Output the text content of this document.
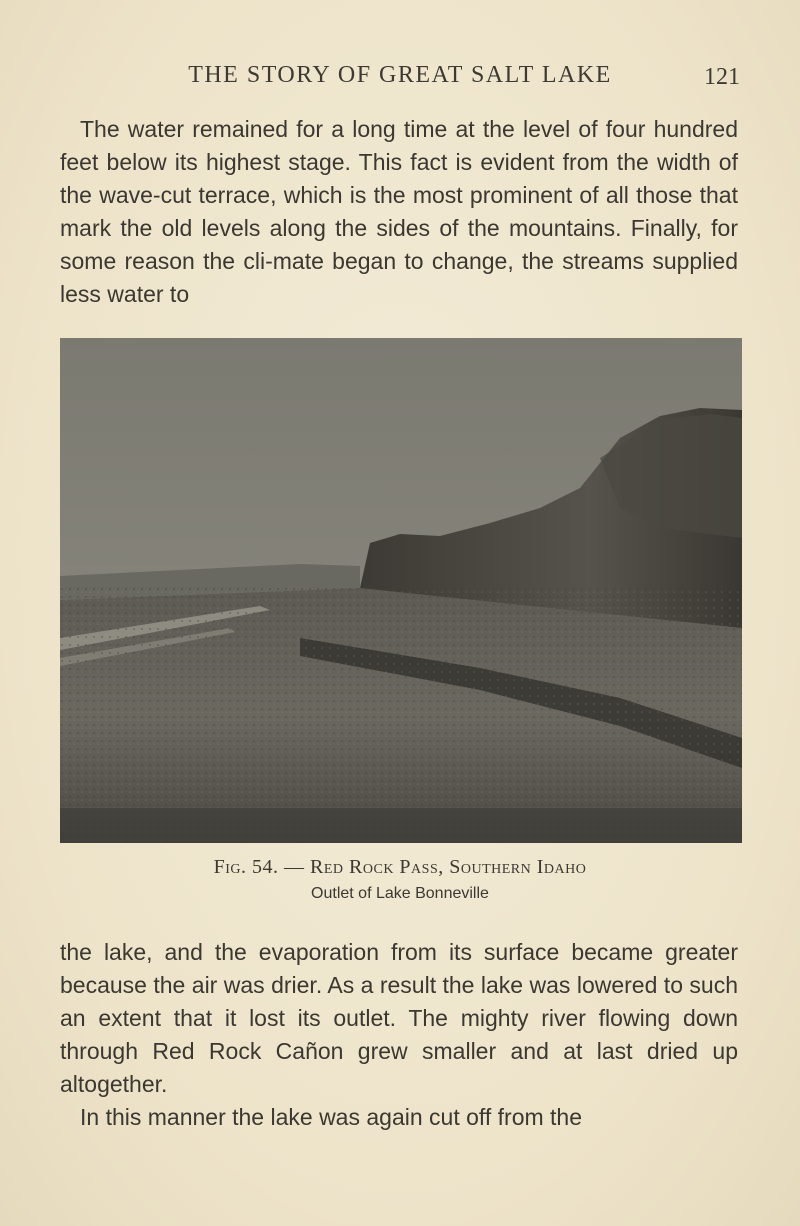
THE STORY OF GREAT SALT LAKE	121

The water remained for a long time at the level of four hundred feet below its highest stage. This fact is evident from the width of the wave-cut terrace, which is the most prominent of all those that mark the old levels along the sides of the mountains. Finally, for some reason the cli-mate began to change, the streams supplied less water to

Fig. 54. — Red Rock Pass, Southern Idaho
Outlet of Lake Bonneville
the lake, and the evaporation from its surface became greater because the air was drier. As a result the lake was lowered to such an extent that it lost its outlet. The mighty river flowing down through Red Rock Cañon grew smaller and at last dried up altogether.
In this manner the lake was again cut off from the
